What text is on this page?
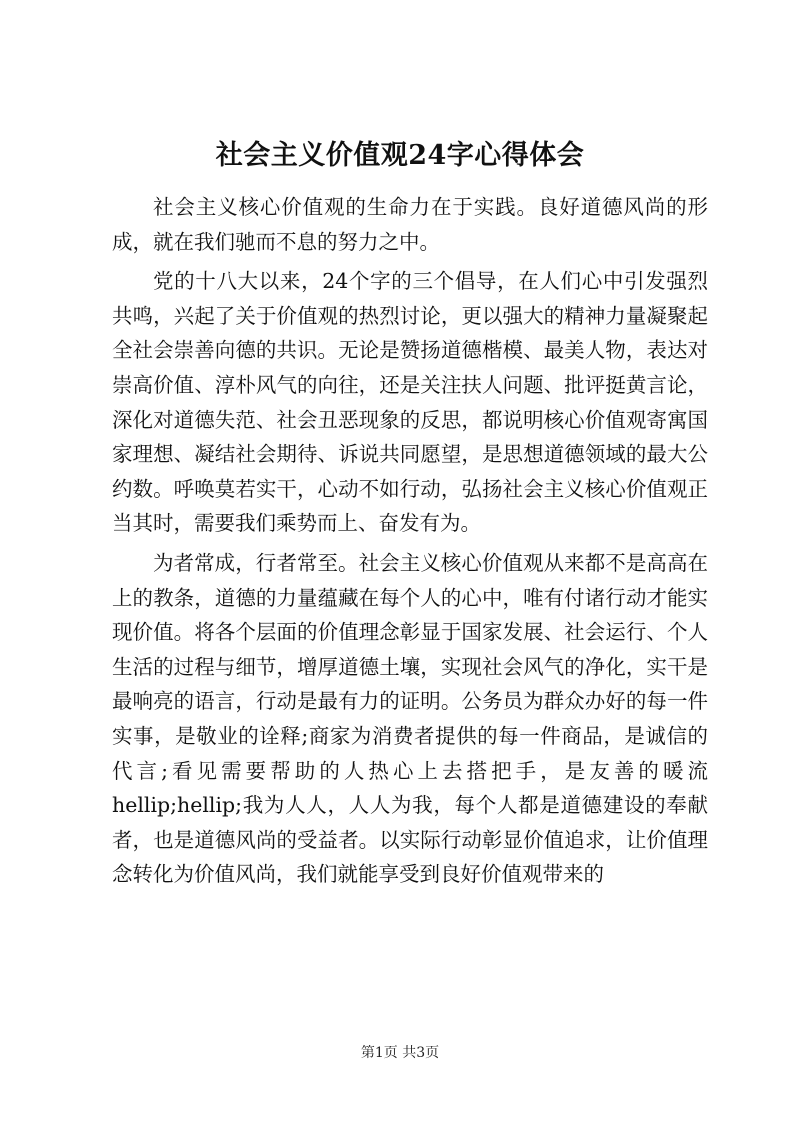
社会主义价值观24字心得体会

社会主义核心价值观的生命力在于实践。良好道德风尚的形成，就在我们驰而不息的努力之中。

党的十八大以来，24个字的三个倡导，在人们心中引发强烈共鸣，兴起了关于价值观的热烈讨论，更以强大的精神力量凝聚起全社会崇善向德的共识。无论是赞扬道德楷模、最美人物，表达对崇高价值、淳朴风气的向往，还是关注扶人问题、批评挺黄言论，深化对道德失范、社会丑恶现象的反思，都说明核心价值观寄寓国家理想、凝结社会期待、诉说共同愿望，是思想道德领域的最大公约数。呼唤莫若实干，心动不如行动，弘扬社会主义核心价值观正当其时，需要我们乘势而上、奋发有为。

为者常成，行者常至。社会主义核心价值观从来都不是高高在上的教条，道德的力量蕴藏在每个人的心中，唯有付诸行动才能实现价值。将各个层面的价值理念彰显于国家发展、社会运行、个人生活的过程与细节，增厚道德土壤，实现社会风气的净化，实干是最响亮的语言，行动是最有力的证明。公务员为群众办好的每一件实事，是敬业的诠释;商家为消费者提供的每一件商品，是诚信的代言;看见需要帮助的人热心上去搭把手，是友善的暖流hellip;hellip;我为人人，人人为我，每个人都是道德建设的奉献者，也是道德风尚的受益者。以实际行动彰显价值追求，让价值理念转化为价值风尚，我们就能享受到良好价值观带来的

第1页 共3页
